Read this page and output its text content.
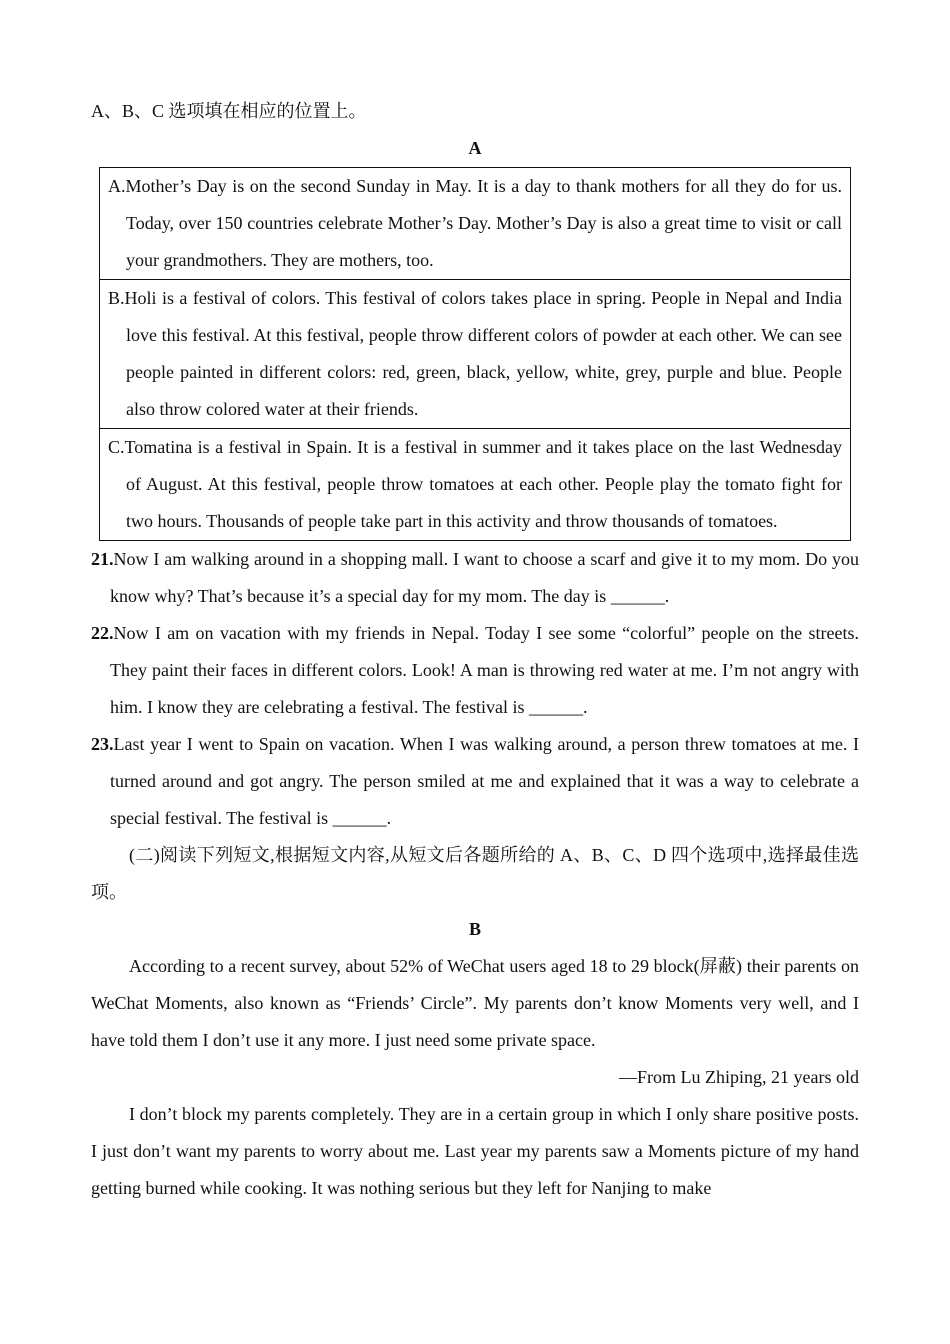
A、B、C 选项填在相应的位置上。

A
A.Mother’s Day is on the second Sunday in May. It is a day to thank mothers for all they do for us. Today, over 150 countries celebrate Mother’s Day. Mother’s Day is also a great time to visit or call your grandmothers. They are mothers, too.
B.Holi is a festival of colors. This festival of colors takes place in spring. People in Nepal and India love this festival. At this festival, people throw different colors of powder at each other. We can see people painted in different colors: red, green, black, yellow, white, grey, purple and blue. People also throw colored water at their friends.
C.Tomatina is a festival in Spain. It is a festival in summer and it takes place on the last Wednesday of August. At this festival, people throw tomatoes at each other. People play the tomato fight for two hours. Thousands of people take part in this activity and throw thousands of tomatoes.
21.Now I am walking around in a shopping mall. I want to choose a scarf and give it to my mom. Do you know why? That’s because it’s a special day for my mom. The day is ______.
22.Now I am on vacation with my friends in Nepal. Today I see some “colorful” people on the streets. They paint their faces in different colors. Look! A man is throwing red water at me. I’m not angry with him. I know they are celebrating a festival. The festival is ______.
23.Last year I went to Spain on vacation. When I was walking around, a person threw tomatoes at me. I turned around and got angry. The person smiled at me and explained that it was a way to celebrate a special festival. The festival is ______.
(二)阅读下列短文,根据短文内容,从短文后各题所给的 A、B、C、D 四个选项中,选择最佳选项。
B
According to a recent survey, about 52% of WeChat users aged 18 to 29 block(屏蔽) their parents on WeChat Moments, also known as “Friends’ Circle”. My parents don’t know Moments very well, and I have told them I don’t use it any more. I just need some private space.
—From Lu Zhiping, 21 years old
I don’t block my parents completely. They are in a certain group in which I only share positive posts. I just don’t want my parents to worry about me. Last year my parents saw a Moments picture of my hand getting burned while cooking. It was nothing serious but they left for Nanjing to make
